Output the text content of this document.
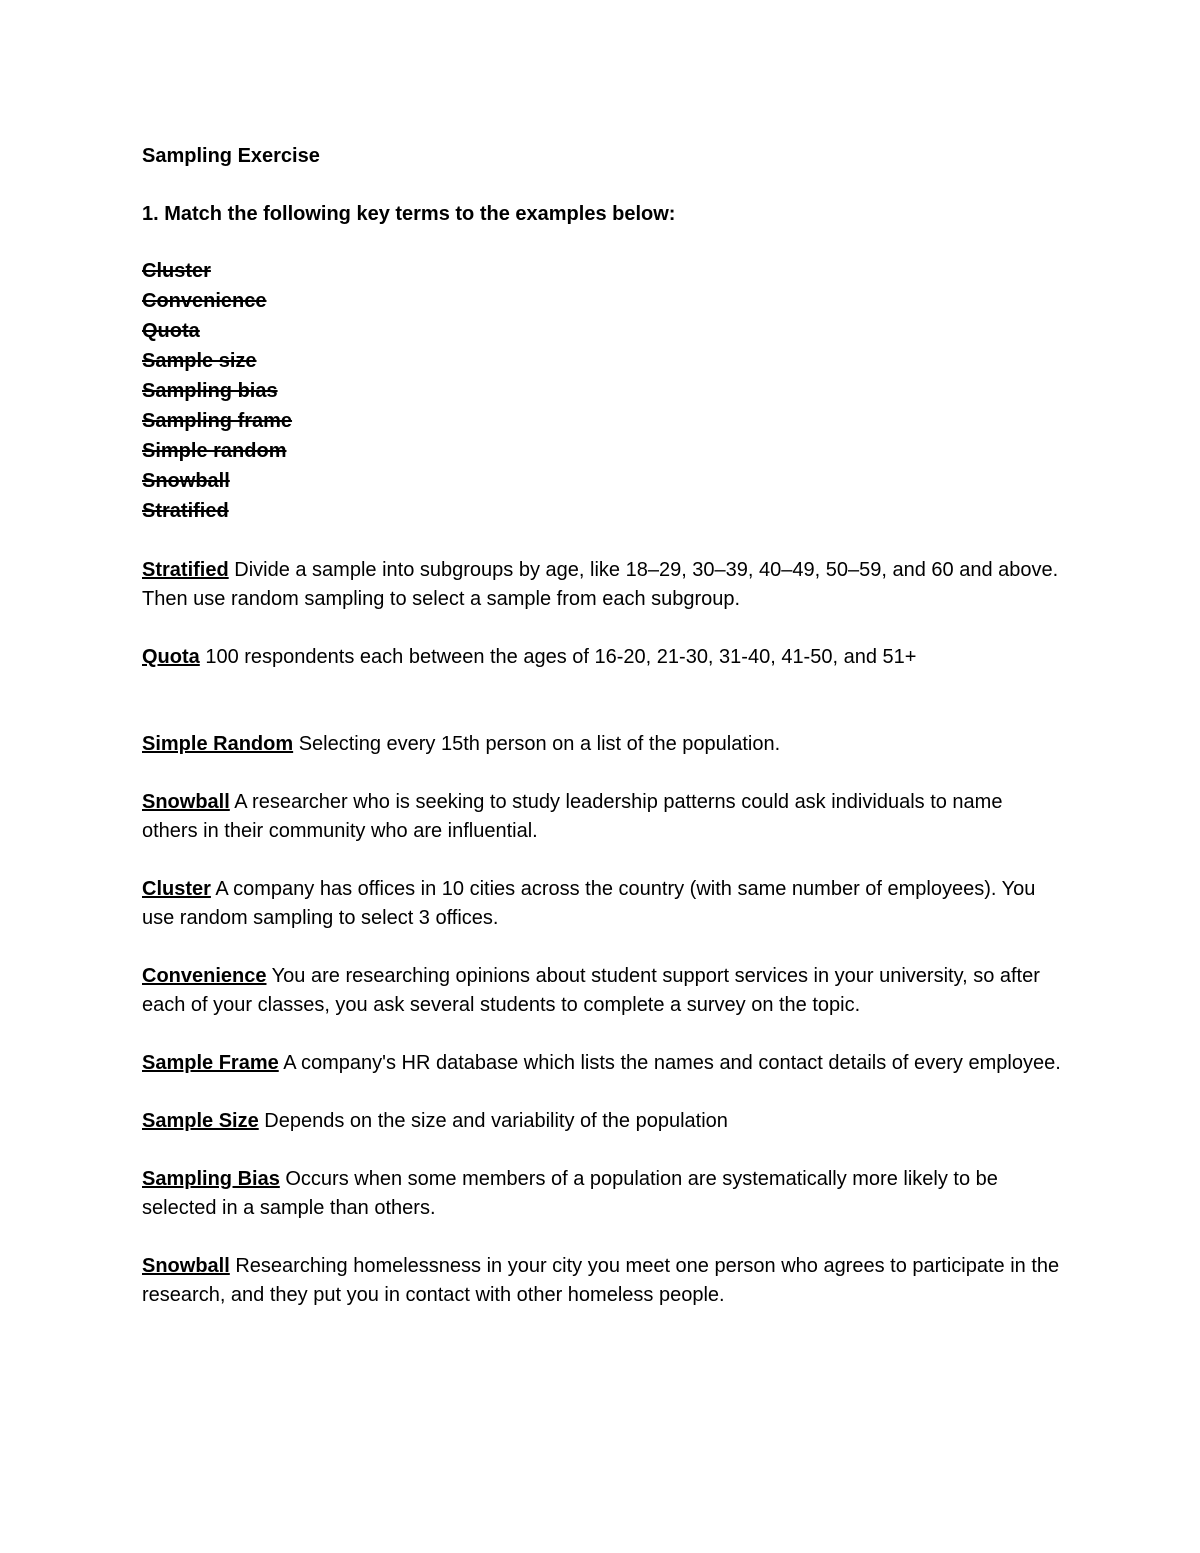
Sampling Exercise

1. Match the following key terms to the examples below:

Cluster
Convenience
Quota
Sample size
Sampling bias
Sampling frame
Simple random
Snowball
Stratified

Stratified Divide a sample into subgroups by age, like 18–29, 30–39, 40–49, 50–59, and 60 and above. Then use random sampling to select a sample from each subgroup.

Quota 100 respondents each between the ages of 16-20, 21-30, 31-40, 41-50, and 51+

Simple Random Selecting every 15th person on a list of the population.

Snowball A researcher who is seeking to study leadership patterns could ask individuals to name others in their community who are influential.

Cluster A company has offices in 10 cities across the country (with same number of employees). You use random sampling to select 3 offices.

Convenience You are researching opinions about student support services in your university, so after each of your classes, you ask several students to complete a survey on the topic.

Sample Frame A company's HR database which lists the names and contact details of every employee.

Sample Size Depends on the size and variability of the population

Sampling Bias Occurs when some members of a population are systematically more likely to be selected in a sample than others.

Snowball Researching homelessness in your city you meet one person who agrees to participate in the research, and they put you in contact with other homeless people.
